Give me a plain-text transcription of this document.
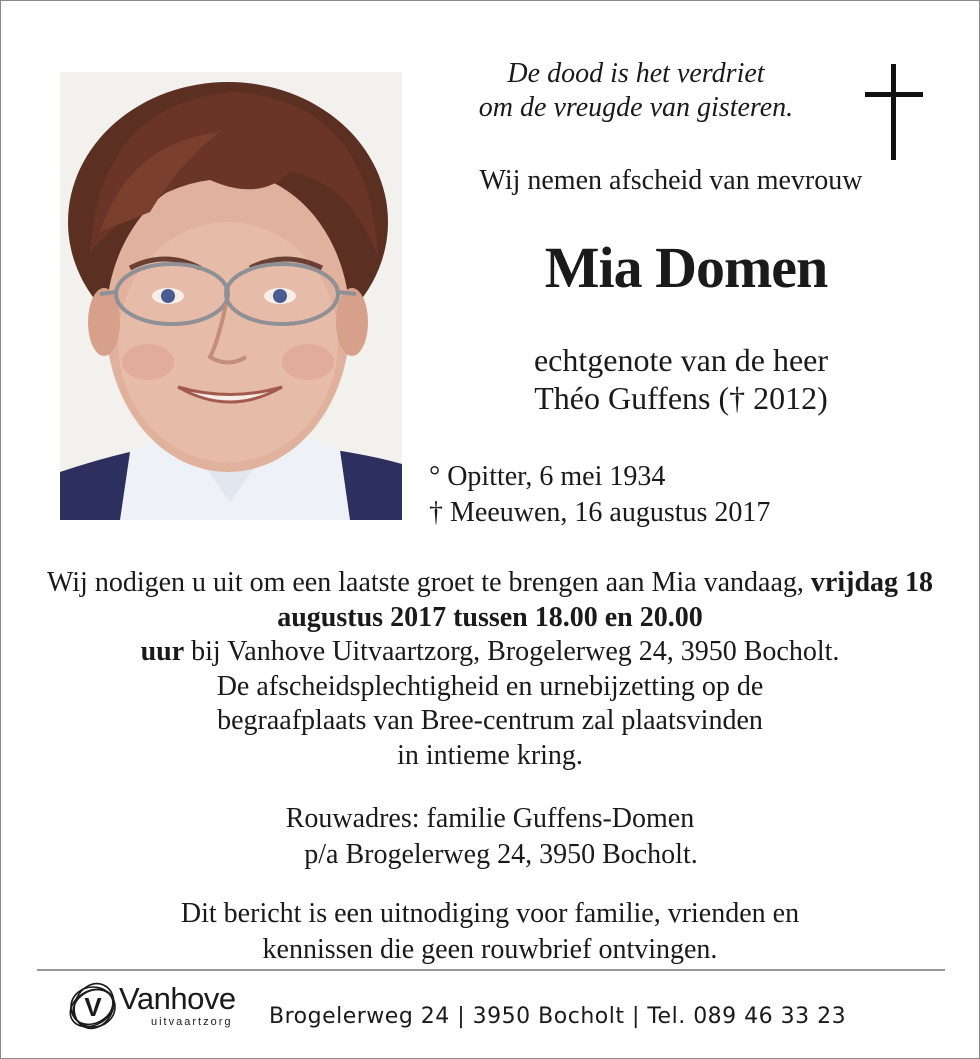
De dood is het verdriet
om de vreugde van gisteren.
Wij nemen afscheid van mevrouw
Mia Domen
echtgenote van de heer
Théo Guffens († 2012)
° Opitter, 6 mei 1934
† Meeuwen, 16 augustus 2017
Wij nodigen u uit om een laatste groet te brengen aan Mia vandaag, vrijdag 18 augustus 2017 tussen 18.00 en 20.00
uur bij Vanhove Uitvaartzorg, Brogelerweg 24, 3950 Bocholt.
De afscheidsplechtigheid en urnebijzetting op de
begraafplaats van Bree-centrum zal plaatsvinden
in intieme kring.
Rouwadres: familie Guffens-Domen
p/a Brogelerweg 24, 3950 Bocholt.
Dit bericht is een uitnodiging voor familie, vrienden en
kennissen die geen rouwbrief ontvingen.
V Vanhove
uitvaartzorg Brogelerweg 24 | 3950 Bocholt | Tel. 089 46 33 23
